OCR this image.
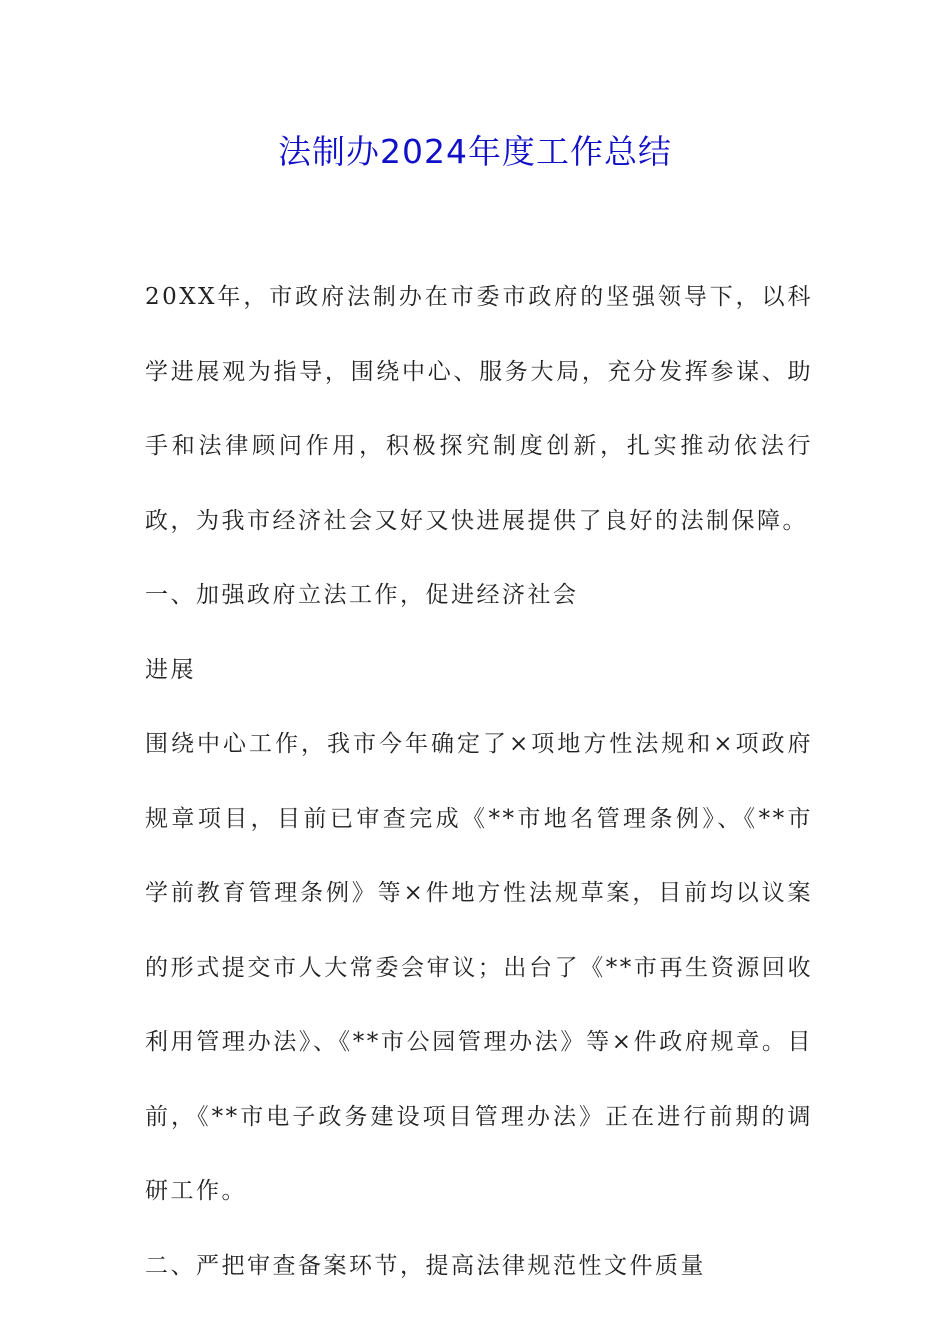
法制办2024年度工作总结

20XX年，市政府法制办在市委市政府的坚强领导下，以科学进展观为指导，围绕中心、服务大局，充分发挥参谋、助手和法律顾问作用，积极探究制度创新，扎实推动依法行政，为我市经济社会又好又快进展提供了良好的法制保障。

一、加强政府立法工作，促进经济社会

进展

围绕中心工作，我市今年确定了×项地方性法规和×项政府规章项目，目前已审查完成《**市地名管理条例》、《**市学前教育管理条例》等×件地方性法规草案，目前均以议案的形式提交市人大常委会审议；出台了《**市再生资源回收利用管理办法》、《**市公园管理办法》等×件政府规章。目前，《**市电子政务建设项目管理办法》正在进行前期的调研工作。

二、严把审查备案环节，提高法律规范性文件质量
